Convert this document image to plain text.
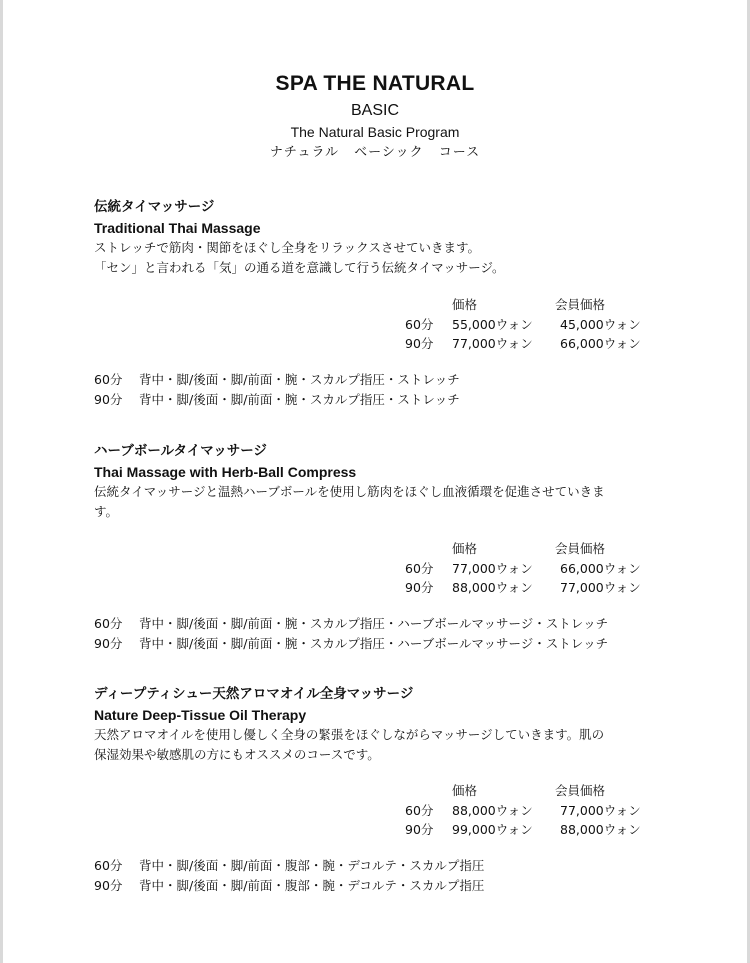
SPA THE NATURAL
BASIC
The Natural Basic Program
ナチュラル ベーシック コース
伝統タイマッサージ
Traditional Thai Massage

ストレッチで筋肉・関節をほぐし全身をリラックスさせていきます。

「セン」と言われる「気」の通る道を意識して行う伝統タイマッサージ。

価格	会員価格
60分 55,000ウォン 45,000ウォン
90分 77,000ウォン 66,000ウォン
60分 背中・脚/後面・脚/前面・腕・スカルプ指圧・ストレッチ
90分 背中・脚/後面・脚/前面・腕・スカルプ指圧・ストレッチ
ハーブボールタイマッサージ
Thai Massage with Herb-Ball Compress

伝統タイマッサージと温熱ハーブボールを使用し筋肉をほぐし血液循環を促進させていきま

す。

価格	会員価格
60分 77,000ウォン 66,000ウォン
90分 88,000ウォン 77,000ウォン
60分 背中・脚/後面・脚/前面・腕・スカルプ指圧・ハーブボールマッサージ・ストレッチ
90分 背中・脚/後面・脚/前面・腕・スカルプ指圧・ハーブボールマッサージ・ストレッチ
ディープティシュー天然アロマオイル全身マッサージ
Nature Deep-Tissue Oil Therapy

天然アロマオイルを使用し優しく全身の緊張をほぐしながらマッサージしていきます。肌の

保湿効果や敏感肌の方にもオススメのコースです。

価格	会員価格
60分 88,000ウォン 77,000ウォン
90分 99,000ウォン 88,000ウォン
60分 背中・脚/後面・脚/前面・腹部・腕・デコルテ・スカルプ指圧
90分 背中・脚/後面・脚/前面・腹部・腕・デコルテ・スカルプ指圧
